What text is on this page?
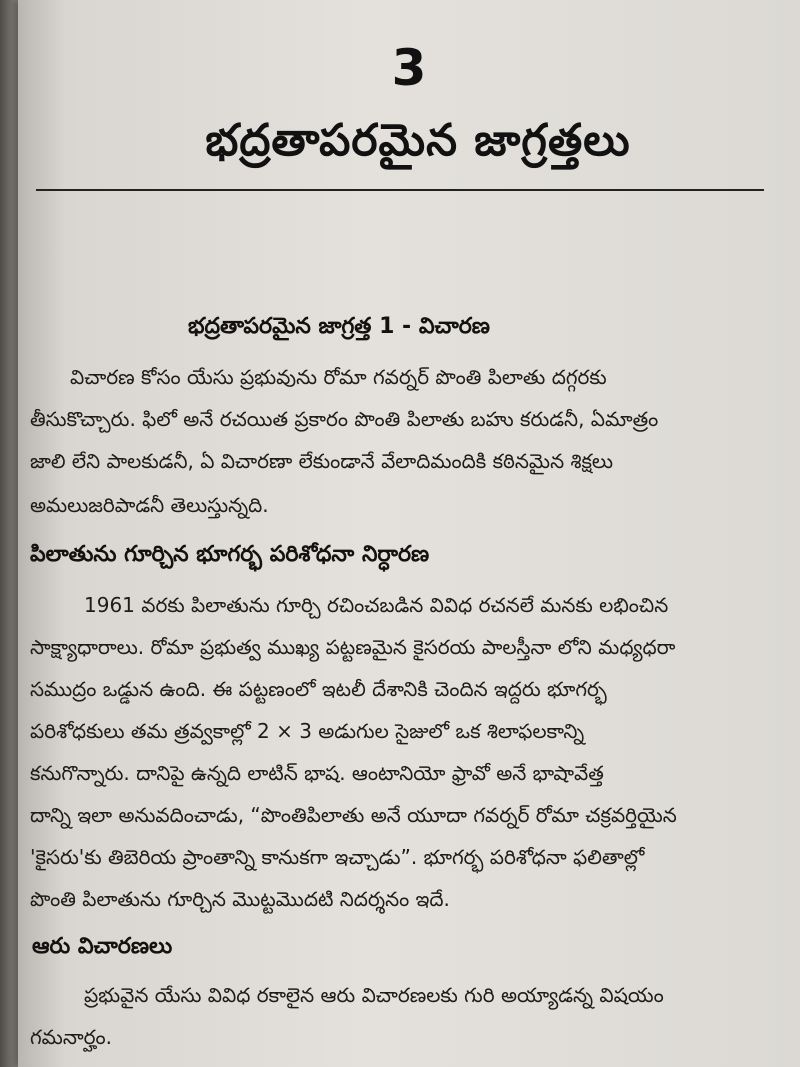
3
భద్రతాపరమైన జాగ్రత్తలు
భద్రతాపరమైన జాగ్రత్త 1 - విచారణ
విచారణ కోసం యేసు ప్రభువును రోమా గవర్నర్ పొంతి పిలాతు దగ్గరకు
తీసుకొచ్చారు. ఫిలో అనే రచయిత ప్రకారం పొంతి పిలాతు బహు కరుడనీ, ఏమాత్రం
జాలి లేని పాలకుడనీ, ఏ విచారణా లేకుండానే వేలాదిమందికి కఠినమైన శిక్షలు
అమలుజరిపాడనీ తెలుస్తున్నది.
పిలాతును గూర్చిన భూగర్భ పరిశోధనా నిర్ధారణ
1961 వరకు పిలాతును గూర్చి రచించబడిన వివిధ రచనలే మనకు లభించిన
సాక్ష్యాధారాలు. రోమా ప్రభుత్వ ముఖ్య పట్టణమైన కైసరయ పాలస్తీనా లోని మధ్యధరా
సముద్రం ఒడ్డున ఉంది. ఈ పట్టణంలో ఇటలీ దేశానికి చెందిన ఇద్దరు భూగర్భ
పరిశోధకులు తమ త్రవ్వకాల్లో 2 × 3 అడుగుల సైజులో ఒక శిలాఫలకాన్ని
కనుగొన్నారు. దానిపై ఉన్నది లాటిన్ భాష. ఆంటానియో ఫ్రావో అనే భాషావేత్త
దాన్ని ఇలా అనువదించాడు, “పొంతిపిలాతు అనే యూదా గవర్నర్ రోమా చక్రవర్తియైన
'కైసరు'కు తిబెరియ ప్రాంతాన్ని కానుకగా ఇచ్చాడు”. భూగర్భ పరిశోధనా ఫలితాల్లో
పొంతి పిలాతును గూర్చిన మొట్టమొదటి నిదర్శనం ఇదే.
ఆరు విచారణలు
ప్రభువైన యేసు వివిధ రకాలైన ఆరు విచారణలకు గురి అయ్యాడన్న విషయం
గమనార్హం.
